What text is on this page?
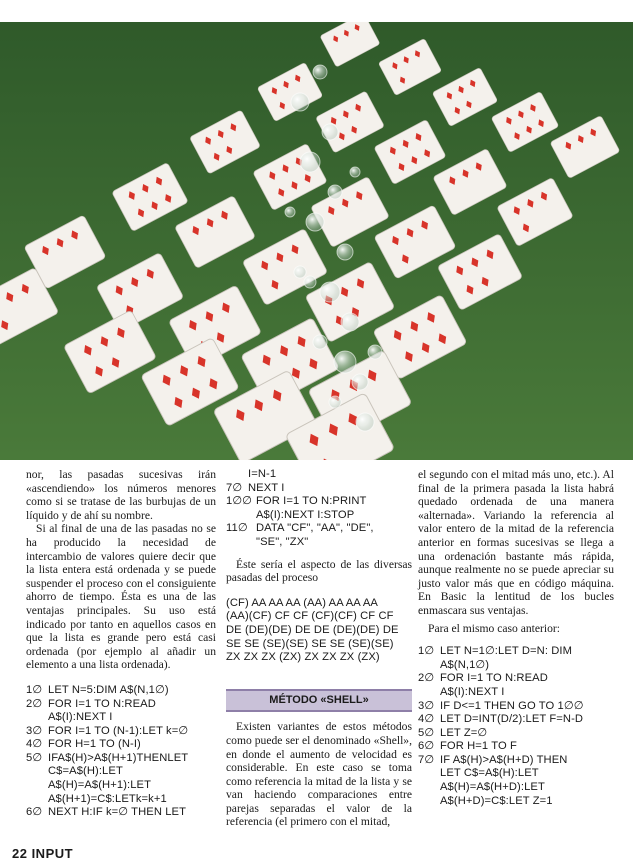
nor, las pasadas sucesivas irán «ascendiendo» los números menores como si se tratase de las burbujas de un líquido y de ahí su nombre.

Si al final de una de las pasadas no se ha producido la necesidad de intercambio de valores quiere decir que la lista entera está ordenada y se puede suspender el proceso con el consiguiente ahorro de tiempo. Ésta es una de las ventajas principales. Su uso está indicado por tanto en aquellos casos en que la lista es grande pero está casi ordenada (por ejemplo al añadir un elemento a una lista ordenada).

1∅ LET N=5:DIM A$(N,1∅)
2∅ FOR I=1 TO N:READ
A$(I):NEXT I
3∅ FOR I=1 TO (N-1):LET k=∅
4∅ FOR H=1 TO (N-I)
5∅ IFA$(H)>A$(H+1)THENLET
C$=A$(H):LET
A$(H)=A$(H+1):LET
A$(H+1)=C$:LETk=k+1
6∅ NEXT H:IF k=∅ THEN LET
I=N-1
7∅ NEXT I
1∅∅ FOR I=1 TO N:PRINT
A$(I):NEXT I:STOP
11∅ DATA "CF", "AA", "DE",
"SE", "ZX"

Éste sería el aspecto de las diversas pasadas del proceso

(CF) AA AA AA (AA) AA AA AA
(AA)(CF) CF CF (CF)(CF) CF CF
DE (DE)(DE) DE DE (DE)(DE) DE
SE SE (SE)(SE) SE SE (SE)(SE)
ZX ZX ZX (ZX) ZX ZX ZX (ZX)
MÉTODO «SHELL»

Existen variantes de estos métodos como puede ser el denominado «Shell», en donde el aumento de velocidad es considerable. En este caso se toma como referencia la mitad de la lista y se van haciendo comparaciones entre parejas separadas el valor de la referencia (el primero con el mitad,

el segundo con el mitad más uno, etc.). Al final de la primera pasada la lista habrá quedado ordenada de una manera «alternada». Variando la referencia al valor entero de la mitad de la referencia anterior en formas sucesivas se llega a una ordenación bastante más rápida, aunque realmente no se puede apreciar su justo valor más que en código máquina. En Basic la lentitud de los bucles enmascara sus ventajas.

Para el mismo caso anterior:

1∅ LET N=1∅:LET D=N: DIM
A$(N,1∅)
2∅ FOR I=1 TO N:READ
A$(I):NEXT I
3∅ IF D<=1 THEN GO TO 1∅∅
4∅ LET D=INT(D/2):LET F=N-D
5∅ LET Z=∅
6∅ FOR H=1 TO F
7∅ IF A$(H)>A$(H+D) THEN
LET C$=A$(H):LET
A$(H)=A$(H+D):LET
A$(H+D)=C$:LET Z=1
22 INPUT
